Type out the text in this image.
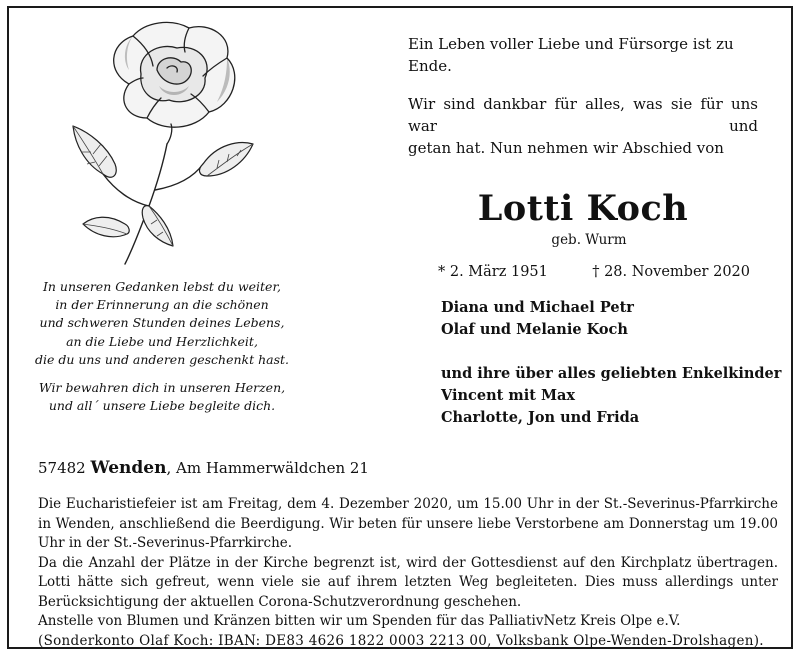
In unseren Gedanken lebst du weiter,

in der Erinnerung an die schönen

und schweren Stunden deines Lebens,

an die Liebe und Herzlichkeit,

die du uns und anderen geschenkt hast.

Wir bewahren dich in unseren Herzen,

und all´ unsere Liebe begleite dich.

Ein Leben voller Liebe und Fürsorge ist zu Ende.

Wir sind dankbar für alles, was sie für uns war und

getan hat. Nun nehmen wir Abschied von

Lotti Koch

geb. Wurm

* 2. März 1951	† 28. November 2020

Diana und Michael Petr

Olaf und Melanie Koch

und ihre über alles geliebten Enkelkinder

Vincent mit Max

Charlotte, Jon und Frida

57482 Wenden, Am Hammerwäldchen 21

Die Eucharistiefeier ist am Freitag, dem 4. Dezember 2020, um 15.00 Uhr in der St.-Severinus-Pfarrkirche in Wenden, anschließend die Beerdigung. Wir beten für unsere liebe Verstorbene am Donnerstag um 19.00 Uhr in der St.-Severinus-Pfarrkirche.

Da die Anzahl der Plätze in der Kirche begrenzt ist, wird der Gottesdienst auf den Kirchplatz übertragen. Lotti hätte sich gefreut, wenn viele sie auf ihrem letzten Weg begleiteten. Dies muss allerdings unter Berücksichtigung der aktuellen Corona-Schutzverordnung geschehen.

Anstelle von Blumen und Kränzen bitten wir um Spenden für das PalliativNetz Kreis Olpe e.V.

(Sonderkonto Olaf Koch: IBAN: DE83 4626 1822 0003 2213 00, Volksbank Olpe-Wenden-Drolshagen).
